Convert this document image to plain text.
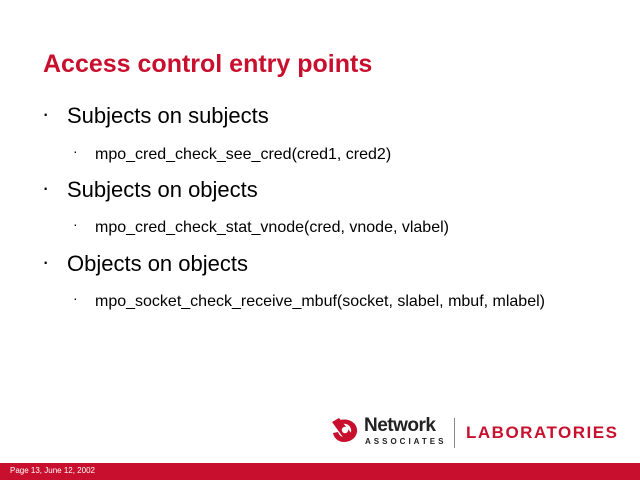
Access control entry points
· Subjects on subjects
· mpo_cred_check_see_cred(cred1, cred2)
· Subjects on objects
· mpo_cred_check_stat_vnode(cred, vnode, vlabel)
· Objects on objects
· mpo_socket_check_receive_mbuf(socket, slabel, mbuf, mlabel)
Network
ASSOCIATES LABORATORIES
Page 13, June 12, 2002
